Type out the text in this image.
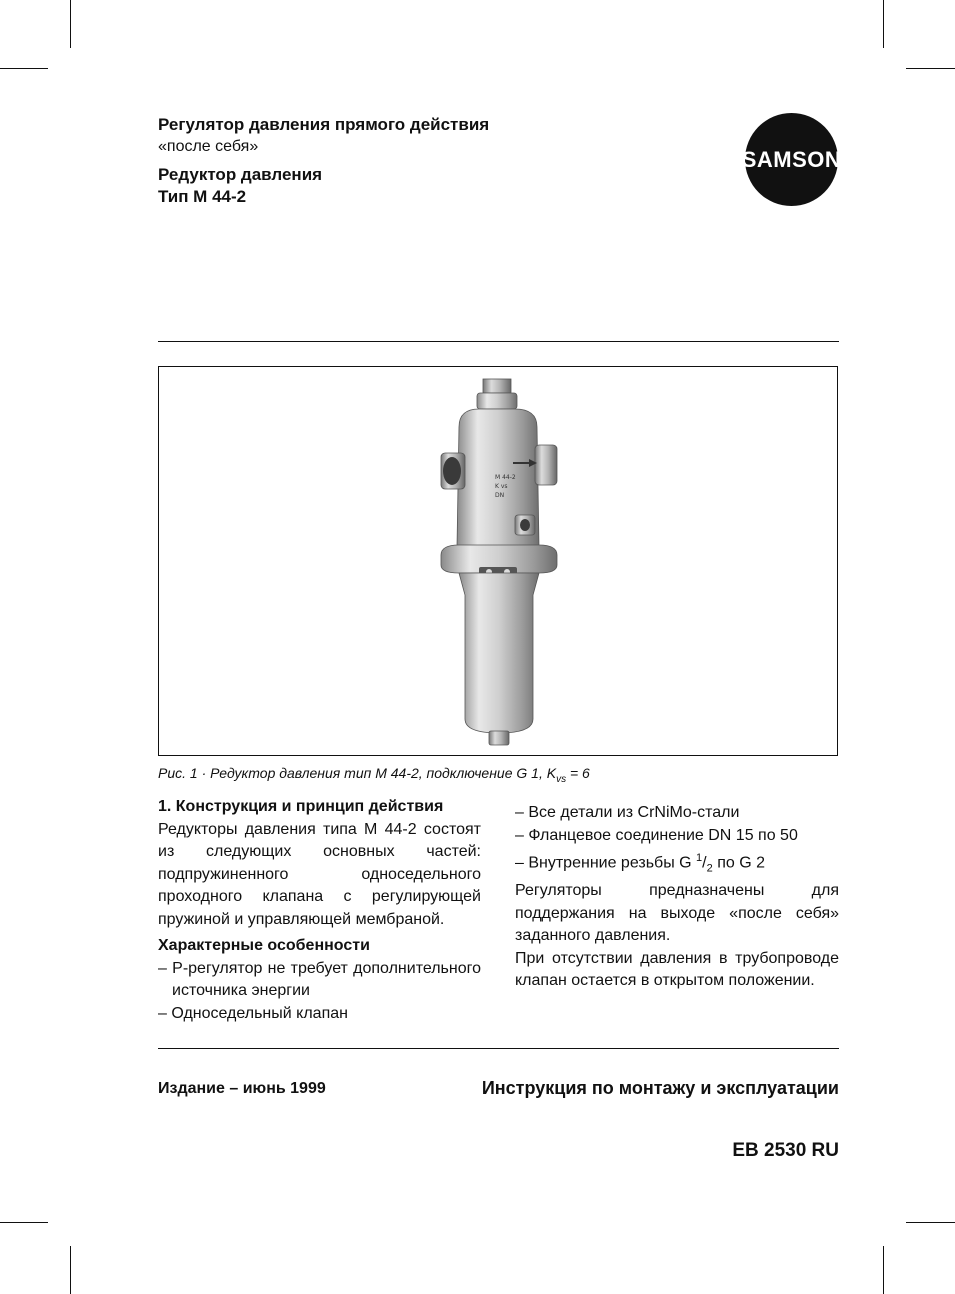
Регулятор давления прямого действия
«после себя»
Редуктор давления
Тип M 44-2
SAMSON
M 44-2
K vs
DN
Рис. 1 · Редуктор давления тип M 44-2, подключение G 1, $K_{vs} = 6$

1. Конструкция и принцип действия

Редукторы давления типа M 44-2 состоят из следующих основных частей: подпружиненного односедельного проходного клапана с регулирующей пружиной и управляющей мембраной.

Характерные особенности

– P-регулятор не требует дополнительного источника энергии

– Односедельный клапан

– Все детали из CrNiMo-стали

– Фланцевое соединение DN 15 по 50

– Внутренние резьбы G $^1/_2$ по G 2

Регуляторы предназначены для поддержания на выходе «после себя» заданного давления.

При отсутствии давления в трубопроводе клапан остается в открытом положении.

Издание – июнь 1999	Инструкция по монтажу и эксплуатации
EB 2530 RU
